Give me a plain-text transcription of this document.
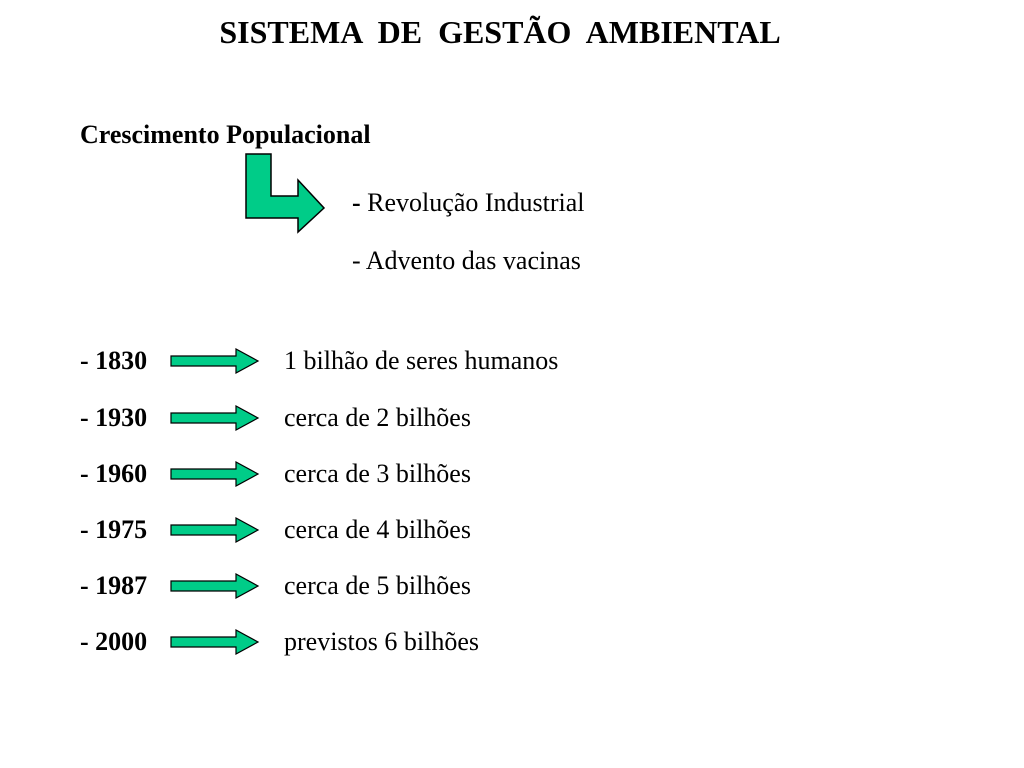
SISTEMA  DE  GESTÃO  AMBIENTAL
Crescimento Populacional
- Revolução Industrial
- Advento das vacinas
- 1830	1 bilhão de seres humanos
- 1930	cerca de 2 bilhões
- 1960	cerca de 3 bilhões
- 1975	cerca de 4 bilhões
- 1987	cerca de 5 bilhões
- 2000	previstos 6 bilhões
